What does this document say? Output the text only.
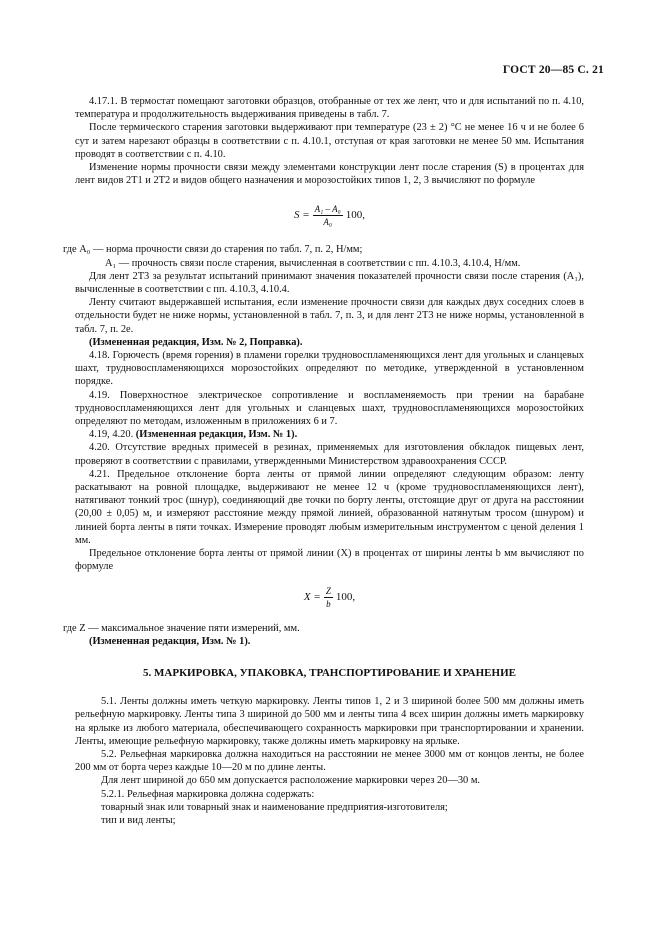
ГОСТ 20—85 С. 21

4.17.1. В термостат помещают заготовки образцов, отобранные от тех же лент, что и для испытаний по п. 4.10, температура и продолжительность выдерживания приведены в табл. 7.

После термического старения заготовки выдерживают при температуре (23 ± 2) °С не менее 16 ч и не более 6 сут и затем нарезают образцы в соответствии с п. 4.10.1, отступая от края заготовки не менее 50 мм. Испытания проводят в соответствии с п. 4.10.

Изменение нормы прочности связи между элементами конструкции лент после старения (S) в процентах для лент видов 2Т1 и 2Т2 и видов общего назначения и морозостойких типов 1, 2, 3 вычисляют по формуле

$S = \frac{\text{A₁ – A₀}}{\text{A₀}} 100$,

где A₀ — норма прочности связи до старения по табл. 7, п. 2, Н/мм;

A₁ — прочность связи после старения, вычисленная в соответствии с пп. 4.10.3, 4.10.4, Н/мм.

Для лент 2Т3 за результат испытаний принимают значения показателей прочности связи после старения (A₁), вычисленные в соответствии с пп. 4.10.3, 4.10.4.

Ленту считают выдержавшей испытания, если изменение прочности связи для каждых двух соседних слоев в отдельности будет не ниже нормы, установленной в табл. 7, п. 3, и для лент 2Т3 не ниже нормы, установленной в табл. 7, п. 2е.

(Измененная редакция, Изм. № 2, Поправка).

4.18. Горючесть (время горения) в пламени горелки трудновоспламеняющихся лент для угольных и сланцевых шахт, трудновоспламеняющихся морозостойких определяют по методике, утвержденной в установленном порядке.

4.19. Поверхностное электрическое сопротивление и воспламеняемость при трении на барабане трудновоспламеняющихся лент для угольных и сланцевых шахт, трудновоспламеняющихся морозостойких определяют по методам, изложенным в приложениях 6 и 7.

4.19, 4.20. (Измененная редакция, Изм. № 1).

4.20. Отсутствие вредных примесей в резинах, применяемых для изготовления обкладок пищевых лент, проверяют в соответствии с правилами, утвержденными Министерством здравоохранения СССР.

4.21. Предельное отклонение борта ленты от прямой линии определяют следующим образом: ленту раскатывают на ровной площадке, выдерживают не менее 12 ч (кроме трудновоспламеняющихся лент), натягивают тонкий трос (шнур), соединяющий две точки по борту ленты, отстоящие друг от друга на расстоянии (20,00 ± 0,05) м, и измеряют расстояние между прямой линией, образованной натянутым тросом (шнуром) и линией борта ленты в пяти точках. Измерение проводят любым измерительным инструментом с ценой деления 1 мм.

Предельное отклонение борта ленты от прямой линии (X) в процентах от ширины ленты b мм вычисляют по формуле

$X = \frac{Z}{b} 100$,

где Z — максимальное значение пяти измерений, мм.

(Измененная редакция, Изм. № 1).

5. МАРКИРОВКА, УПАКОВКА, ТРАНСПОРТИРОВАНИЕ И ХРАНЕНИЕ

5.1. Ленты должны иметь четкую маркировку. Ленты типов 1, 2 и 3 шириной более 500 мм должны иметь рельефную маркировку. Ленты типа 3 шириной до 500 мм и ленты типа 4 всех ширин должны иметь маркировку на ярлыке из любого материала, обеспечивающего сохранность маркировки при транспортировании и хранении. Ленты, имеющие рельефную маркировку, также должны иметь маркировку на ярлыке.

5.2. Рельефная маркировка должна находиться на расстоянии не менее 3000 мм от концов ленты, не более 200 мм от борта через каждые 10—20 м по длине ленты.

Для лент шириной до 650 мм допускается расположение маркировки через 20—30 м.

5.2.1. Рельефная маркировка должна содержать:

товарный знак или товарный знак и наименование предприятия-изготовителя;

тип и вид ленты;
